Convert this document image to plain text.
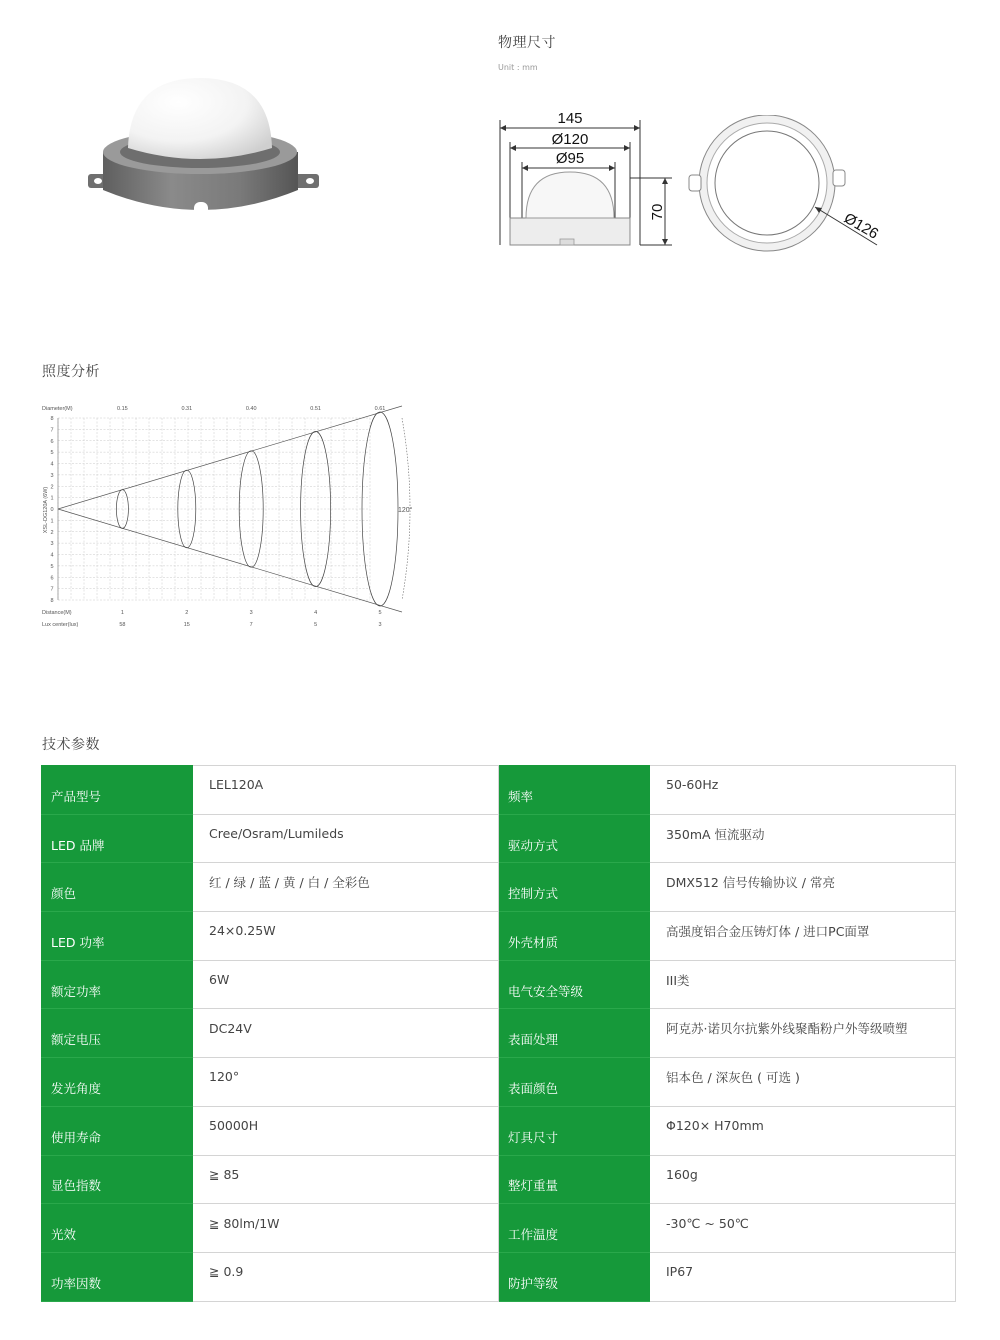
物理尺寸
Unit : mm
145
Ø120
Ø95
70	Ø126
照度分析
8
7
6
5
4
3
2
1
0
1
2
3
4
5
6
7
8
1
58
0.15
2
15
0.31
3
7
0.40
4
5
0.51
5
3
0.61
XSL-DG120A (6W)
Diameter(M)
Distance(M)
Lux center(lux)
120°
技术参数
产品型号	LEL120A	频率	50-60Hz
LED 品牌	Cree/Osram/Lumileds	驱动方式	350mA 恒流驱动
颜色	红 / 绿 / 蓝 / 黄 / 白 / 全彩色	控制方式	DMX512 信号传输协议 / 常亮
LED 功率	24×0.25W	外壳材质	高强度铝合金压铸灯体 / 进口PC面罩
额定功率	6W	电气安全等级	III类
额定电压	DC24V	表面处理	阿克苏·诺贝尔抗紫外线聚酯粉户外等级喷塑
发光角度	120°	表面颜色	铝本色 / 深灰色 ( 可选 )
使用寿命	50000H	灯具尺寸	Φ120× H70mm
显色指数	≧ 85	整灯重量	160g
光效	≧ 80lm/1W	工作温度	-30℃ ~ 50℃
功率因数	≧ 0.9	防护等级	IP67
